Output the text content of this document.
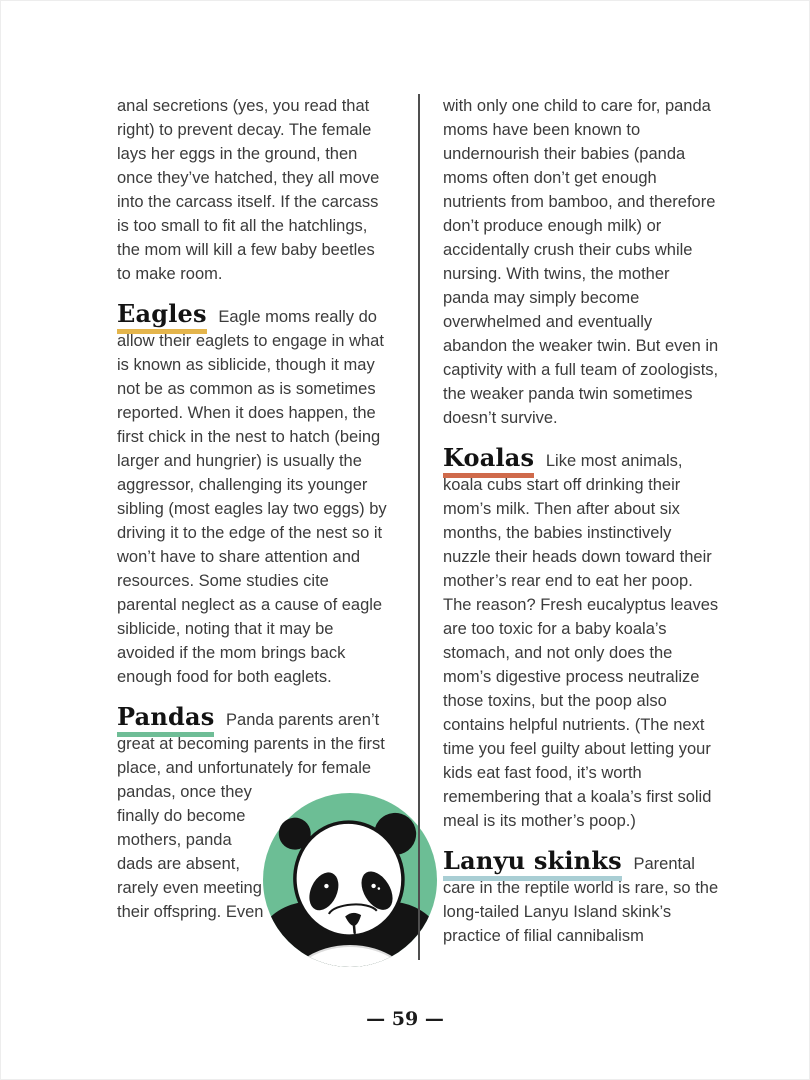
anal secretions (yes, you read that right) to prevent decay. The female lays her eggs in the ground, then once they’ve hatched, they all move into the carcass itself. If the carcass is too small to fit all the hatchlings, the mom will kill a few baby beetles to make room.

Eagles Eagle moms really do allow their eaglets to engage in what is known as siblicide, though it may not be as common as is sometimes reported. When it does happen, the first chick in the nest to hatch (being larger and hungrier) is usually the aggressor, challenging its younger sibling (most eagles lay two eggs) by driving it to the edge of the nest so it won’t have to share attention and resources. Some studies cite parental neglect as a cause of eagle siblicide, noting that it may be avoided if the mom brings back enough food for both eaglets.

Pandas Panda parents aren’t great at becoming parents in the first place, and unfortunately for
female pandas, once they finally do become mothers, panda dads are absent, rarely even meeting their offspring. Even

with only one child to care for, panda moms have been known to undernourish their babies (panda moms often don’t get enough nutrients from bamboo, and therefore don’t produce enough milk) or accidentally crush their cubs while nursing. With twins, the mother panda may simply become overwhelmed and eventually abandon the weaker twin. But even in captivity with a full team of zoologists, the weaker panda twin sometimes doesn’t survive.

Koalas Like most animals, koala cubs start off drinking their mom’s milk. Then after about six months, the babies instinctively nuzzle their heads down toward their mother’s rear end to eat her poop. The reason? Fresh eucalyptus leaves are too toxic for a baby koala’s stomach, and not only does the mom’s digestive process neutralize those toxins, but the poop also contains helpful nutrients. (The next time you feel guilty about letting your kids eat fast food, it’s worth remembering that a koala’s first solid meal is its mother’s poop.)

Lanyu skinks Parental care in the reptile world is rare, so the long-tailed Lanyu Island skink’s practice of filial cannibalism

— 59 —
